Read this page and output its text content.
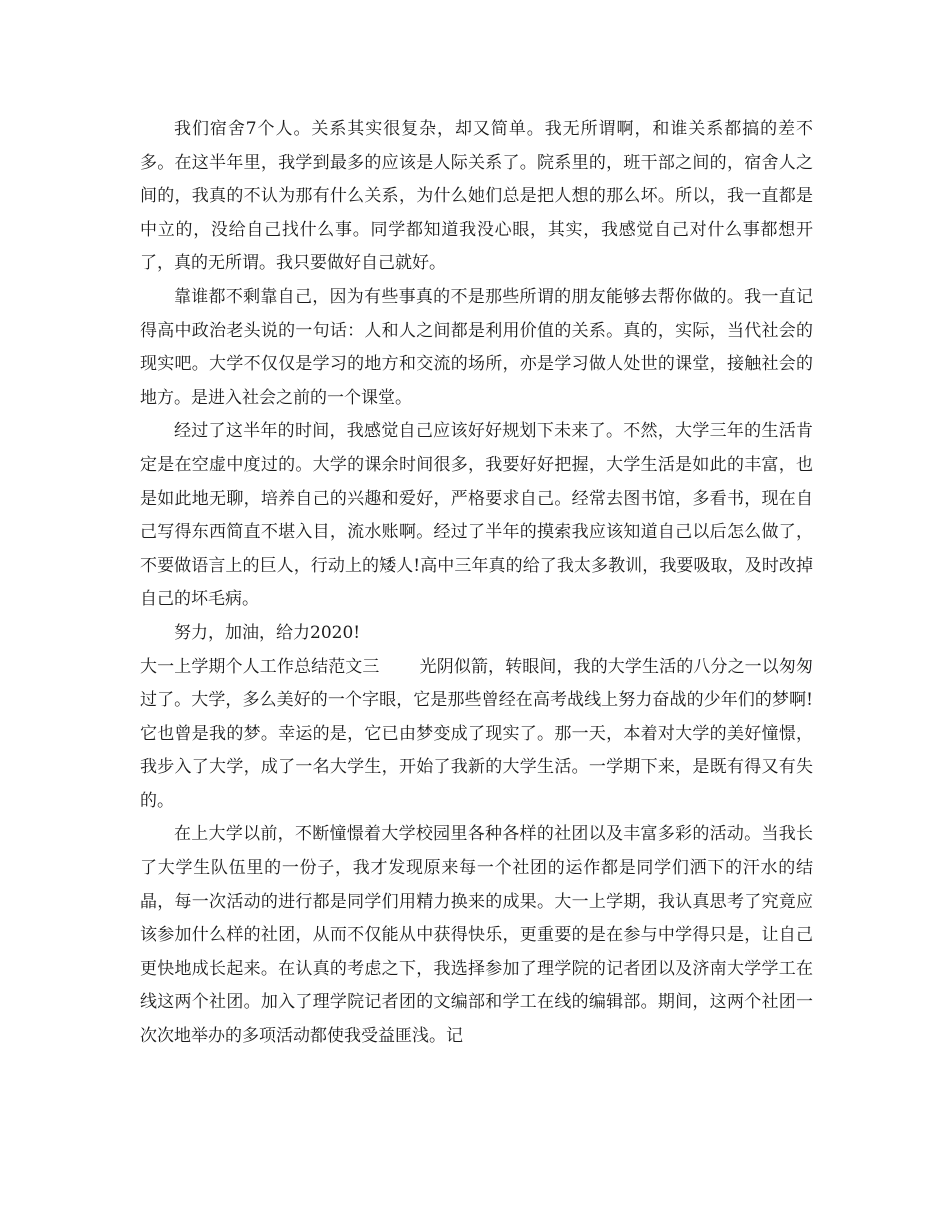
我们宿舍7个人。关系其实很复杂，却又简单。我无所谓啊，和谁关系都搞的差不多。在这半年里，我学到最多的应该是人际关系了。院系里的，班干部之间的，宿舍人之间的，我真的不认为那有什么关系，为什么她们总是把人想的那么坏。所以，我一直都是中立的，没给自己找什么事。同学都知道我没心眼，其实，我感觉自己对什么事都想开了，真的无所谓。我只要做好自己就好。

靠谁都不剩靠自己，因为有些事真的不是那些所谓的朋友能够去帮你做的。我一直记得高中政治老头说的一句话：人和人之间都是利用价值的关系。真的，实际，当代社会的现实吧。大学不仅仅是学习的地方和交流的场所，亦是学习做人处世的课堂，接触社会的地方。是进入社会之前的一个课堂。

经过了这半年的时间，我感觉自己应该好好规划下未来了。不然，大学三年的生活肯定是在空虚中度过的。大学的课余时间很多，我要好好把握，大学生活是如此的丰富，也是如此地无聊，培养自己的兴趣和爱好，严格要求自己。经常去图书馆，多看书，现在自己写得东西简直不堪入目，流水账啊。经过了半年的摸索我应该知道自己以后怎么做了，不要做语言上的巨人，行动上的矮人!高中三年真的给了我太多教训，我要吸取，及时改掉自己的坏毛病。

努力，加油，给力2020!

大一上学期个人工作总结范文三 光阴似箭，转眼间，我的大学生活的八分之一以匆匆过了。大学，多么美好的一个字眼，它是那些曾经在高考战线上努力奋战的少年们的梦啊!它也曾是我的梦。幸运的是，它已由梦变成了现实了。那一天，本着对大学的美好憧憬，我步入了大学，成了一名大学生，开始了我新的大学生活。一学期下来，是既有得又有失的。

在上大学以前，不断憧憬着大学校园里各种各样的社团以及丰富多彩的活动。当我长了大学生队伍里的一份子，我才发现原来每一个社团的运作都是同学们洒下的汗水的结晶，每一次活动的进行都是同学们用精力换来的成果。大一上学期，我认真思考了究竟应该参加什么样的社团，从而不仅能从中获得快乐，更重要的是在参与中学得只是，让自己更快地成长起来。在认真的考虑之下，我选择参加了理学院的记者团以及济南大学学工在线这两个社团。加入了理学院记者团的文编部和学工在线的编辑部。期间，这两个社团一次次地举办的多项活动都使我受益匪浅。记
